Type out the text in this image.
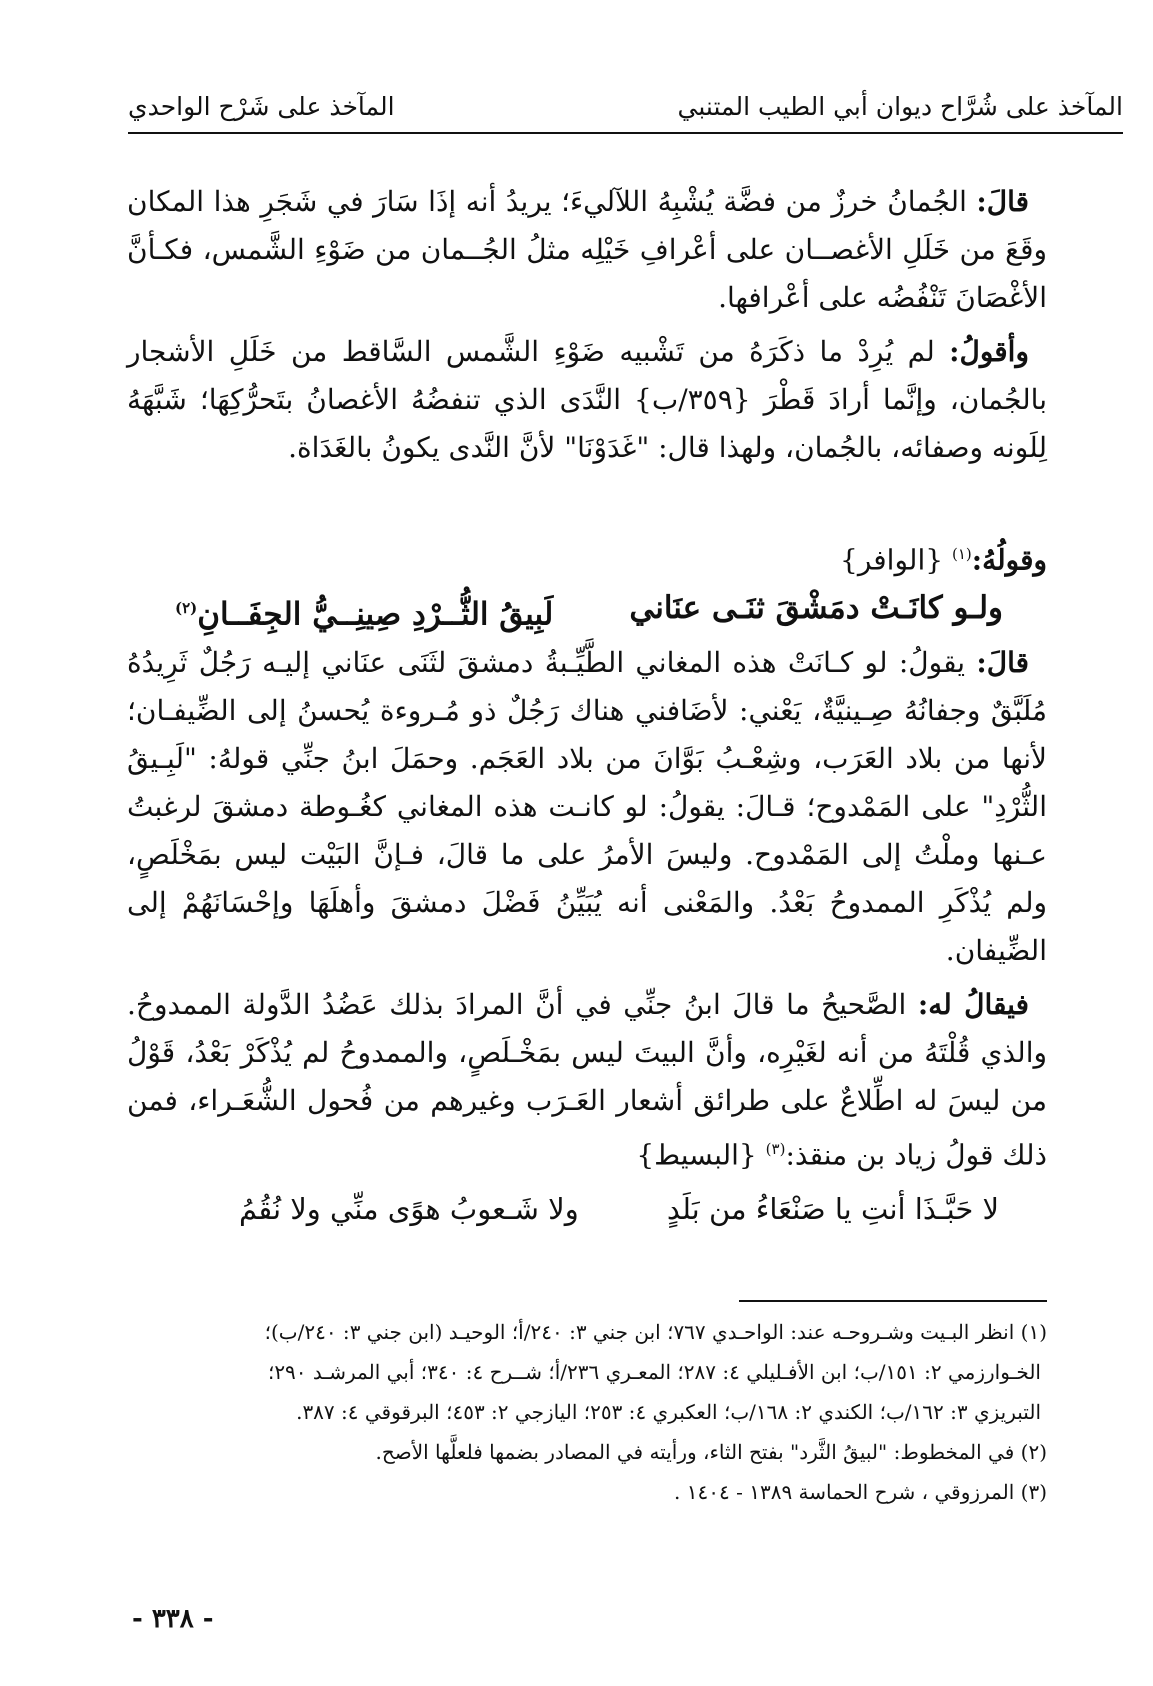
المآخذ على شُرَّاح ديوان أبي الطيب المتنبي
المآخذ على شَرْح الواحدي

قالَ: الجُمانُ خرزٌ من فضَّة يُشْبِهُ اللآليءَ؛ يريدُ أنه إذَا سَارَ في شَجَرِ هذا المكان وقَعَ من خَلَلِ الأغصــان على أعْرافِ خَيْلِه مثلُ الجُــمان من ضَوْءِ الشَّمس، فكـأنَّ الأغْصَانَ تَنْفُضُه على أعْرافها.

وأقولُ: لم يُرِدْ ما ذكَرَهُ من تَشْبيه ضَوْءِ الشَّمس السَّاقط من خَلَلِ الأشجار بالجُمان، وإنَّما أرادَ قَطْرَ {٣٥٩/ب} النَّدَى الذي تنفضُهُ الأغصانُ بتَحرُّكِهَا؛ شَبَّهَهُ لِلَونه وصفائه، بالجُمان، ولهذا قال: "غَدَوْنَا" لأنَّ النَّدى يكونُ بالغَدَاة.

وقولُهُ:$^{(١)}$ {الوافر}

ولـو كانَـتْ دمَشْقَ ثنَـى عنَاني
لَبِيقُ الثُّــرْدِ صِينِــيُّ الجِفَــانِ$^{(٢)}$

قالَ: يقولُ: لو كـانَتْ هذه المغاني الطَّيِّـبةُ دمشقَ لثَنَى عنَاني إليـه رَجُلٌ ثَرِيدُهُ مُلَبَّقٌ وجفانُهُ صِـينيَّةٌ، يَعْني: لأضَافني هناك رَجُلٌ ذو مُـروءة يُحسنُ إلى الضِّيفـان؛ لأنها من بلاد العَرَب، وشِعْـبُ بَوَّانَ من بلاد العَجَم. وحمَلَ ابنُ جنِّي قولهُ: "لَبِـيقُ الثُّرْدِ" على المَمْدوح؛ قـالَ: يقولُ: لو كانـت هذه المغاني كغُـوطة دمشقَ لرغبتُ عـنها وملْتُ إلى المَمْدوح. وليسَ الأمرُ على ما قالَ، فـإنَّ البَيْت ليس بمَخْلَصٍ، ولم يُذْكَرِ الممدوحُ بَعْدُ. والمَعْنى أنه يُبَيِّنُ فَضْلَ دمشقَ وأهلَهَا وإحْسَانَهُمْ إلى الضِّيفان.

فيقالُ له: الصَّحيحُ ما قالَ ابنُ جنِّي في أنَّ المرادَ بذلك عَضُدُ الدَّولة الممدوحُ. والذي قُلْتَهُ من أنه لغَيْرِه، وأنَّ البيتَ ليس بمَخْـلَصٍ، والممدوحُ لم يُذْكَرْ بَعْدُ، قَوْلُ من ليسَ له اطِّلاعٌ على طرائق أشعار العَـرَب وغيرهم من فُحول الشُّعَـراء، فمن ذلك قولُ زياد بن منقذ:$^{(٣)}$ {البسيط}

لا حَبَّـذَا أنتِ يا صَنْعَاءُ من بَلَدٍ
ولا شَـعوبُ هوًى منِّي ولا نُقُمُ

(١) انظر البـيت وشـروحـه عند: الواحـدي ٧٦٧؛ ابن جني ٣: ٢٤٠/أ؛ الوحيـد (ابن جني ٣: ٢٤٠/ب)؛

الخـوارزمي ٢: ١٥١/ب؛ ابن الأفـليلي ٤: ٢٨٧؛ المعـري ٢٣٦/أ؛ شــرح ٤: ٣٤٠؛ أبي المرشـد ٢٩٠؛

التبريزي ٣: ١٦٢/ب؛ الكندي ٢: ١٦٨/ب؛ العكبري ٤: ٢٥٣؛ اليازجي ٢: ٤٥٣؛ البرقوقي ٤: ٣٨٧.

(٢) في المخطوط: "لبيقُ الثَّرد" بفتح الثاء، ورأيته في المصادر بضمها فلعلَّها الأصح.

(٣) المرزوقي ، شرح الحماسة ١٣٨٩ - ١٤٠٤ .

- ٣٣٨ -
